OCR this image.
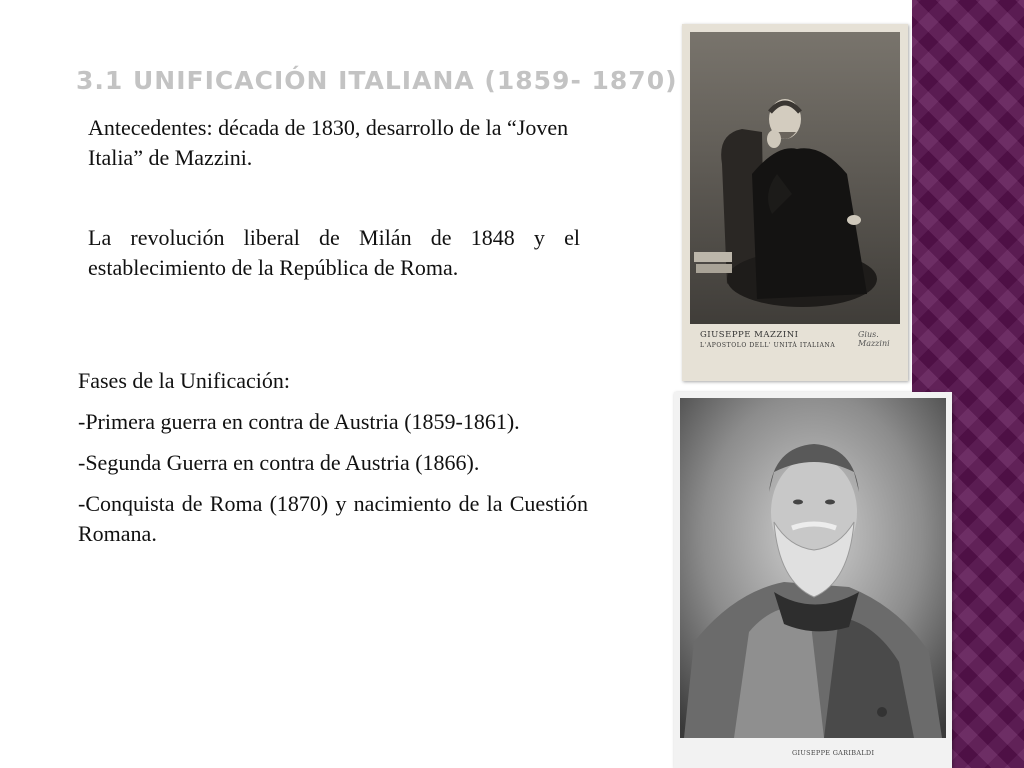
3.1 UNIFICACIÓN ITALIANA (1859- 1870)

Antecedentes: década de 1830, desarrollo de la “Joven Italia” de Mazzini.

La revolución liberal de Milán de 1848 y el establecimiento de la República de Roma.

Fases de la Unificación:

-Primera guerra en contra de Austria (1859-1861).

-Segunda Guerra en contra de Austria (1866).

-Conquista de Roma (1870) y nacimiento de la Cuestión Romana.

GIUSEPPE MAZZINI
L'APOSTOLO DELL' UNITÀ ITALIANA
Gius. Mazzini
GIUSEPPE GARIBALDI
